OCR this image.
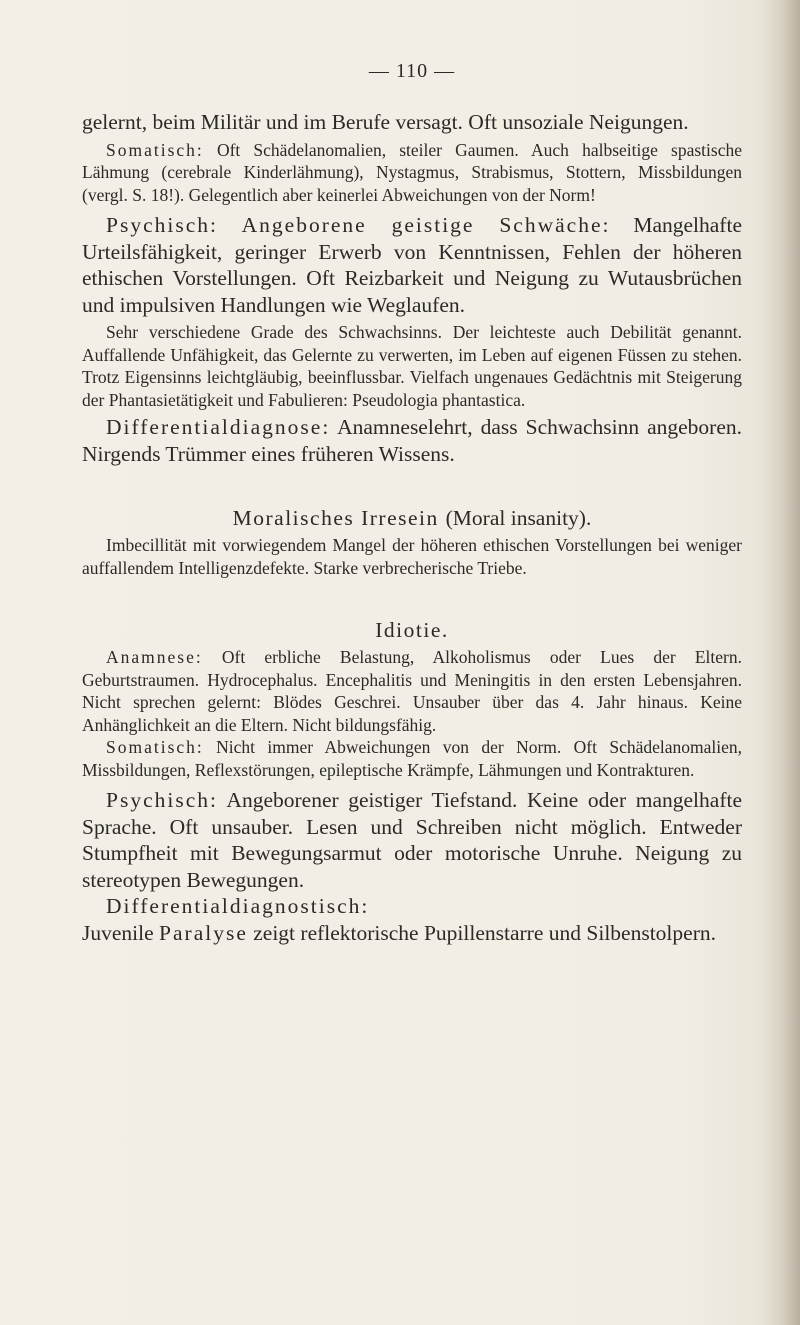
— 110 —

gelernt, beim Militär und im Berufe versagt. Oft unsoziale Neigungen.

Somatisch: Oft Schädelanomalien, steiler Gaumen. Auch halbseitige spastische Lähmung (cerebrale Kinderlähmung), Nystagmus, Strabismus, Stottern, Missbildungen (vergl. S. 18!). Gelegentlich aber keinerlei Abweichungen von der Norm!

Psychisch: Angeborene geistige Schwäche: Mangelhafte Urteilsfähigkeit, geringer Erwerb von Kenntnissen, Fehlen der höheren ethischen Vorstellungen. Oft Reizbarkeit und Neigung zu Wutausbrüchen und impulsiven Handlungen wie Weglaufen.

Sehr verschiedene Grade des Schwachsinns. Der leichteste auch Debilität genannt. Auffallende Unfähigkeit, das Gelernte zu verwerten, im Leben auf eigenen Füssen zu stehen. Trotz Eigensinns leichtgläubig, beeinflussbar. Vielfach ungenaues Gedächtnis mit Steigerung der Phantasietätigkeit und Fabulieren: Pseudologia phantastica.

Differentialdiagnose: Anamneselehrt, dass Schwachsinn angeboren. Nirgends Trümmer eines früheren Wissens.

Moralisches Irresein (Moral insanity).

Imbecillität mit vorwiegendem Mangel der höheren ethischen Vorstellungen bei weniger auffallendem Intelligenzdefekte. Starke verbrecherische Triebe.

Idiotie.

Anamnese: Oft erbliche Belastung, Alkoholismus oder Lues der Eltern. Geburtstraumen. Hydrocephalus. Encephalitis und Meningitis in den ersten Lebensjahren. Nicht sprechen gelernt: Blödes Geschrei. Unsauber über das 4. Jahr hinaus. Keine Anhänglichkeit an die Eltern. Nicht bildungsfähig.

Somatisch: Nicht immer Abweichungen von der Norm. Oft Schädelanomalien, Missbildungen, Reflexstörungen, epileptische Krämpfe, Lähmungen und Kontrakturen.

Psychisch: Angeborener geistiger Tiefstand. Keine oder mangelhafte Sprache. Oft unsauber. Lesen und Schreiben nicht möglich. Entweder Stumpfheit mit Bewegungsarmut oder motorische Unruhe. Neigung zu stereotypen Bewegungen.

Differentialdiagnostisch:

Juvenile Paralyse zeigt reflektorische Pupillenstarre und Silbenstolpern.
